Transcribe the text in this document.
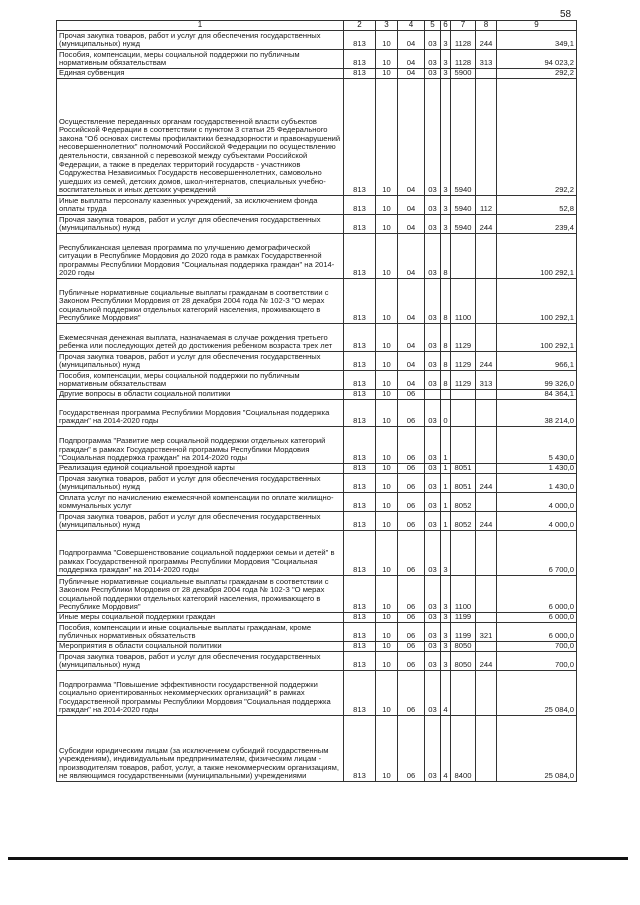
58
1	2	3	4	5	6	7	8	9
Прочая закупка товаров, работ и услуг для обеспечения государственных (муниципальных) нужд	813	10	04	03	3	1128	244	349,1
Пособия, компенсации, меры социальной поддержки по публичным нормативным обязательствам	813	10	04	03	3	1128	313	94 023,2
Единая субвенция	813	10	04	03	3	5900		292,2
Осуществление переданных органам государственной власти субъектов Российской Федерации в соответствии с пунктом 3 статьи 25 Федерального закона "Об основах системы профилактики безнадзорности и правонарушений несовершеннолетних" полномочий Российской Федерации по осуществлению деятельности, связанной с перевозкой между субъектами Российской Федерации, а также в пределах территорий государств - участников Содружества Независимых Государств несовершеннолетних, самовольно ушедших из семей, детских домов, школ-интернатов, специальных учебно-воспитательных и иных детских учреждений	813	10	04	03	3	5940		292,2
Иные выплаты персоналу казенных учреждений, за исключением фонда оплаты труда	813	10	04	03	3	5940	112	52,8
Прочая закупка товаров, работ и услуг для обеспечения государственных (муниципальных) нужд	813	10	04	03	3	5940	244	239,4
Республиканская целевая программа по улучшению демографической ситуации в Республике Мордовия до 2020 года в рамках Государственной программы Республики Мордовия "Социальная поддержка граждан" на 2014-2020 годы	813	10	04	03	8			100 292,1
Публичные нормативные социальные выплаты гражданам в соответствии с Законом Республики Мордовия от 28 декабря 2004 года № 102-З "О мерах социальной поддержки отдельных категорий населения, проживающего в Республике Мордовия"	813	10	04	03	8	1100		100 292,1
Ежемесячная денежная выплата, назначаемая в случае рождения третьего ребенка или последующих детей до достижения ребенком возраста трех лет	813	10	04	03	8	1129		100 292,1
Прочая закупка товаров, работ и услуг для обеспечения государственных (муниципальных) нужд	813	10	04	03	8	1129	244	966,1
Пособия, компенсации, меры социальной поддержки по публичным нормативным обязательствам	813	10	04	03	8	1129	313	99 326,0
Другие вопросы в области социальной политики	813	10	06					84 364,1
Государственная программа Республики Мордовия "Социальная поддержка граждан" на 2014-2020 годы	813	10	06	03	0			38 214,0
Подпрограмма "Развитие мер социальной поддержки отдельных категорий граждан" в рамках Государственной программы Республики Мордовия "Социальная поддержка граждан" на 2014-2020 годы	813	10	06	03	1			5 430,0
Реализация единой социальной проездной карты	813	10	06	03	1	8051		1 430,0
Прочая закупка товаров, работ и услуг для обеспечения государственных (муниципальных) нужд	813	10	06	03	1	8051	244	1 430,0
Оплата услуг по начислению ежемесячной компенсации по оплате жилищно-коммунальных услуг	813	10	06	03	1	8052		4 000,0
Прочая закупка товаров, работ и услуг для обеспечения государственных (муниципальных) нужд	813	10	06	03	1	8052	244	4 000,0
Подпрограмма "Совершенствование социальной поддержки семьи и детей" в рамках Государственной программы Республики Мордовия "Социальная поддержка граждан" на 2014-2020 годы	813	10	06	03	3			6 700,0
Публичные нормативные социальные выплаты гражданам в соответствии с Законом Республики Мордовия от 28 декабря 2004 года № 102-З "О мерах социальной поддержки отдельных категорий населения, проживающего в Республике Мордовия"	813	10	06	03	3	1100		6 000,0
Иные меры социальной поддержки граждан	813	10	06	03	3	1199		6 000,0
Пособия, компенсации и иные социальные выплаты гражданам, кроме публичных нормативных обязательств	813	10	06	03	3	1199	321	6 000,0
Мероприятия в области социальной политики	813	10	06	03	3	8050		700,0
Прочая закупка товаров, работ и услуг для обеспечения государственных (муниципальных) нужд	813	10	06	03	3	8050	244	700,0
Подпрограмма "Повышение эффективности государственной поддержки социально ориентированных некоммерческих организаций" в рамках Государственной программы Республики Мордовия "Социальная поддержка граждан" на 2014-2020 годы	813	10	06	03	4			25 084,0
Субсидии юридическим лицам (за исключением субсидий государственным учреждениям), индивидуальным предпринимателям, физическим лицам - производителям товаров, работ, услуг, а также некоммерческим организациям, не являющимся государственными (муниципальными) учреждениями	813	10	06	03	4	8400		25 084,0
